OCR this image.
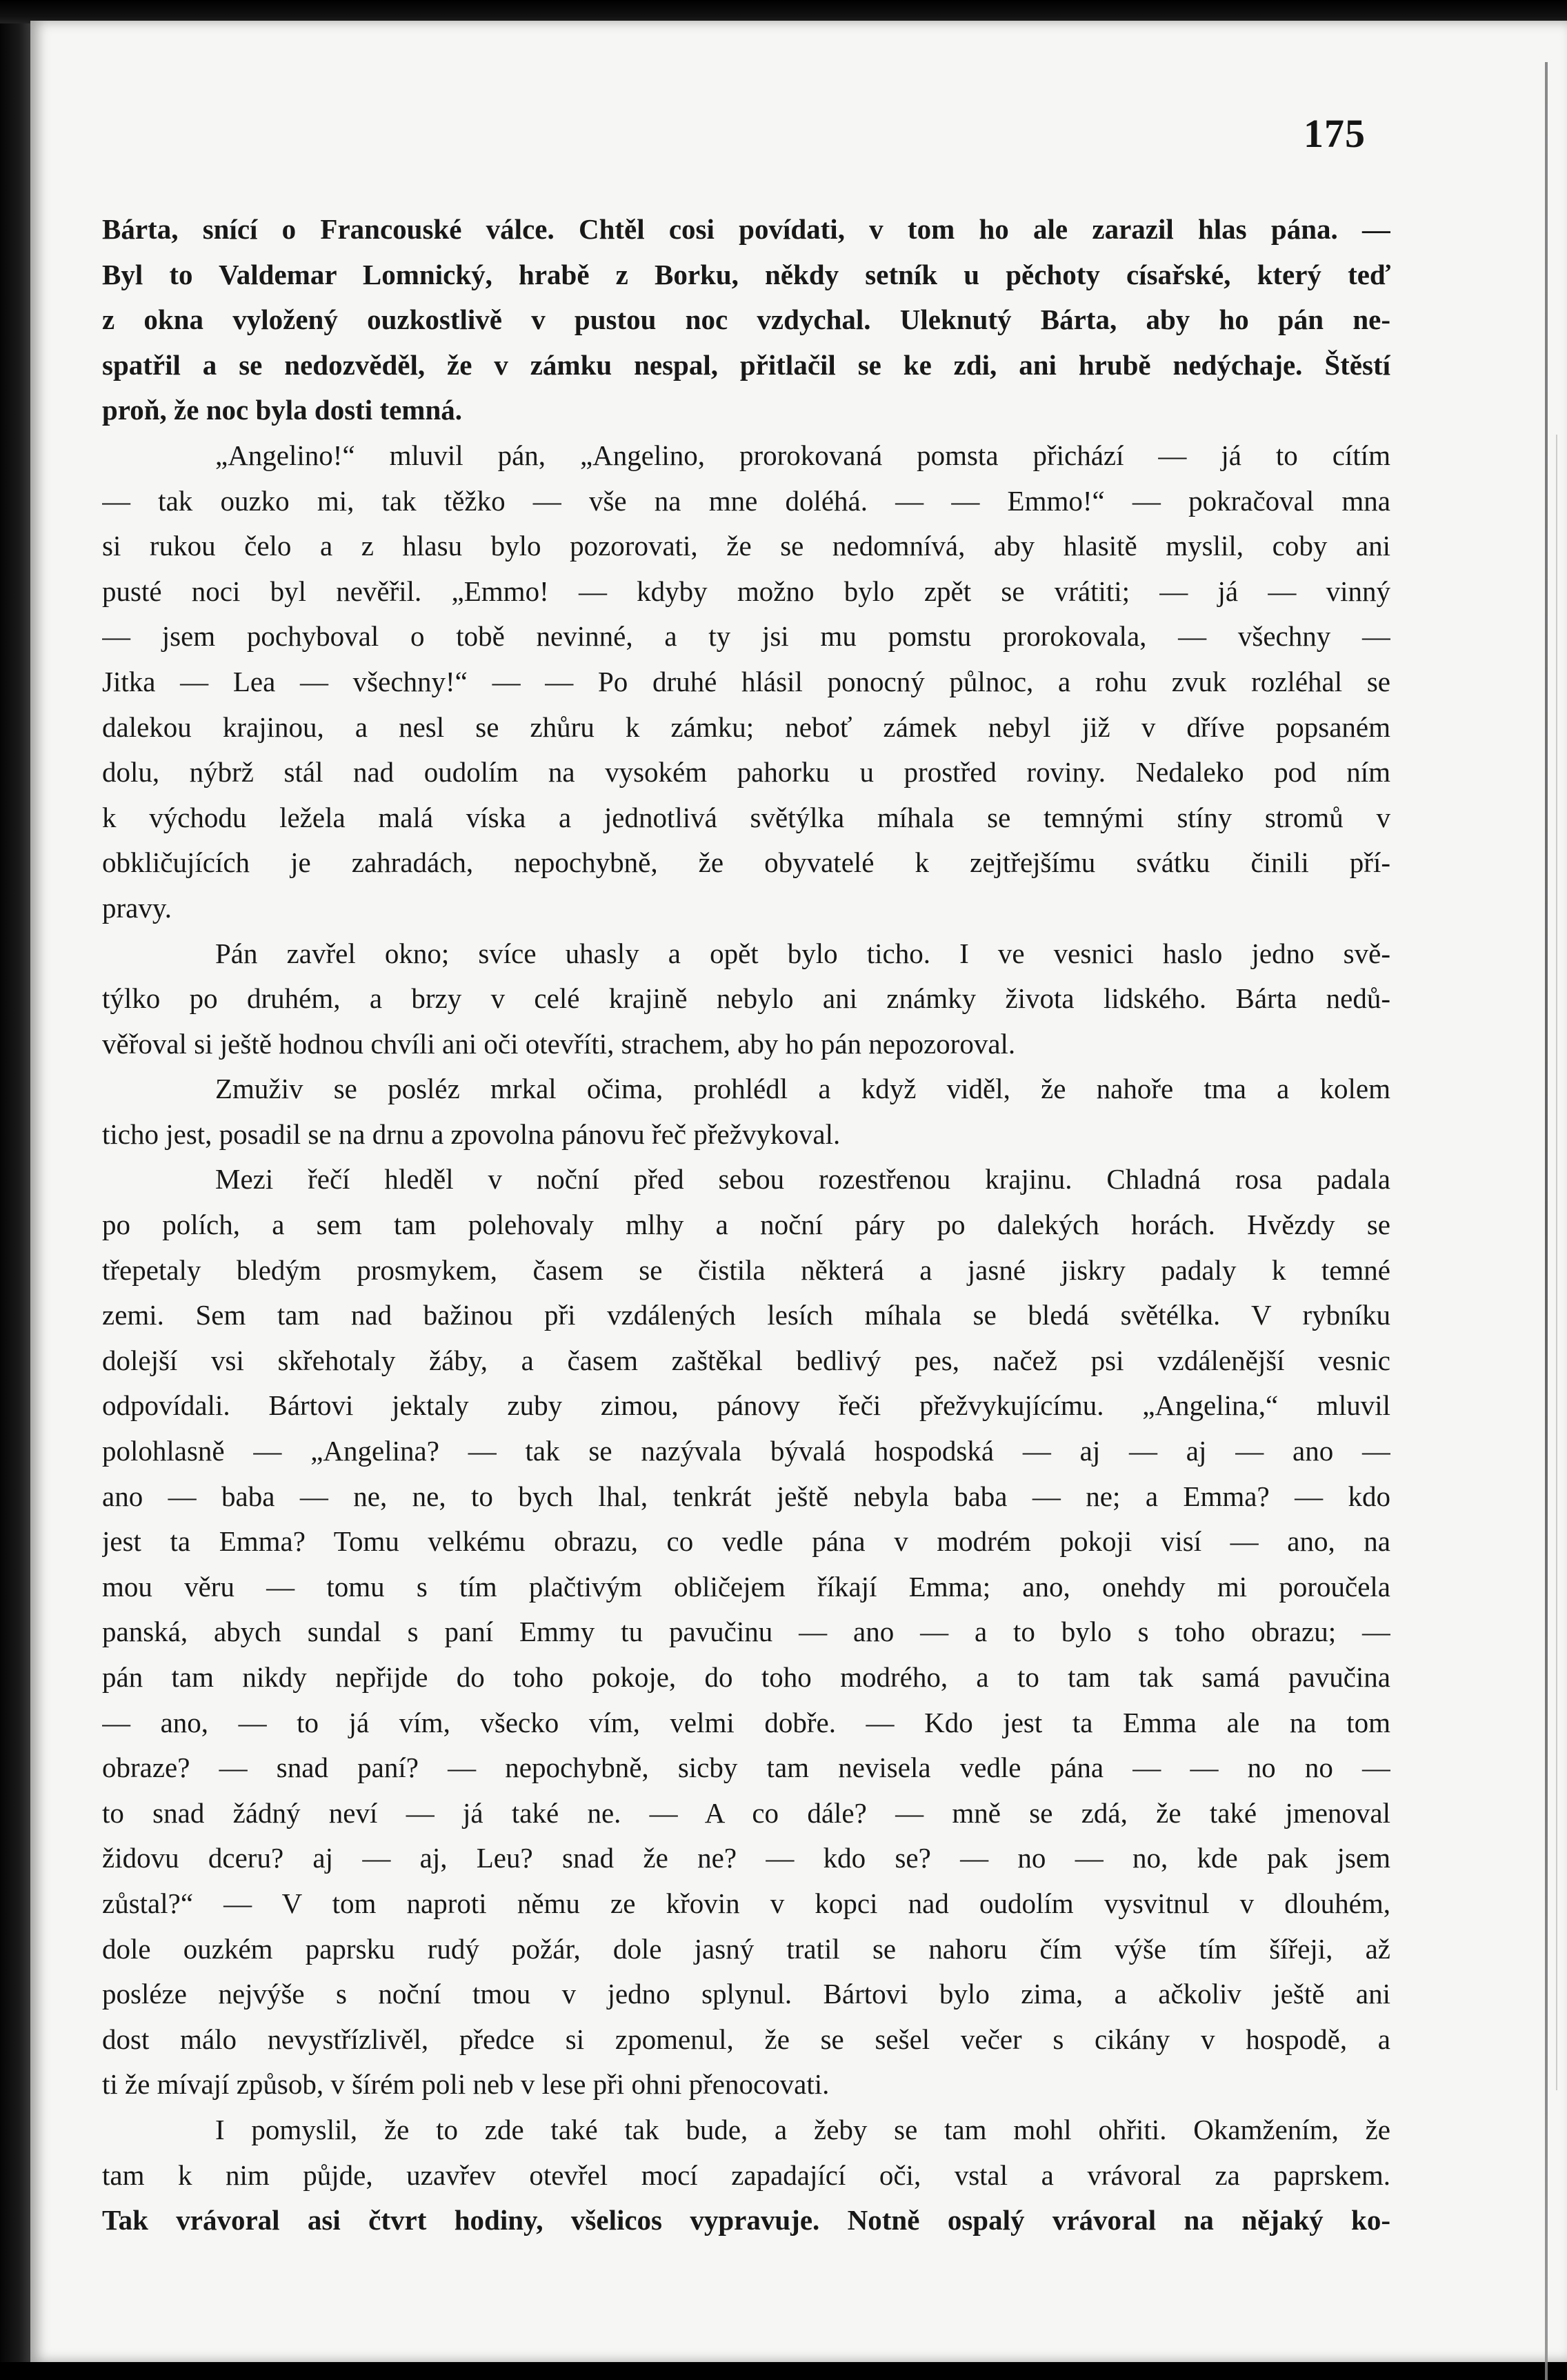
175
Bárta, snící o Francouské válce. Chtěl cosi povídati, v tom ho ale zarazil hlas pána. —
Byl to Valdemar Lomnický, hrabě z Borku, někdy setník u pěchoty císařské, který teď
z okna vyložený ouzkostlivě v pustou noc vzdychal. Uleknutý Bárta, aby ho pán ne-
spatřil a se nedozvěděl, že v zámku nespal, přitlačil se ke zdi, ani hrubě nedýchaje. Štěstí
proň, že noc byla dosti temná.
„Angelino!“ mluvil pán, „Angelino, prorokovaná pomsta přichází — já to cítím
— tak ouzko mi, tak těžko — vše na mne doléhá. — — Emmo!“ — pokračoval mna
si rukou čelo a z hlasu bylo pozorovati, že se nedomnívá, aby hlasitě myslil, coby ani
pusté noci byl nevěřil. „Emmo! — kdyby možno bylo zpět se vrátiti; — já — vinný
— jsem pochyboval o tobě nevinné, a ty jsi mu pomstu prorokovala, — všechny —
Jitka — Lea — všechny!“ — — Po druhé hlásil ponocný půlnoc, a rohu zvuk rozléhal se
dalekou krajinou, a nesl se zhůru k zámku; neboť zámek nebyl již v dříve popsaném
dolu, nýbrž stál nad oudolím na vysokém pahorku u prostřed roviny. Nedaleko pod ním
k východu ležela malá víska a jednotlivá světýlka míhala se temnými stíny stromů v
obkličujících je zahradách, nepochybně, že obyvatelé k zejtřejšímu svátku činili pří-
pravy.
Pán zavřel okno; svíce uhasly a opět bylo ticho. I ve vesnici haslo jedno svě-
týlko po druhém, a brzy v celé krajině nebylo ani známky života lidského. Bárta nedů-
věřoval si ještě hodnou chvíli ani oči otevříti, strachem, aby ho pán nepozoroval.
Zmuživ se posléz mrkal očima, prohlédl a když viděl, že nahoře tma a kolem
ticho jest, posadil se na drnu a zpovolna pánovu řeč přežvykoval.
Mezi řečí hleděl v noční před sebou rozestřenou krajinu. Chladná rosa padala
po polích, a sem tam polehovaly mlhy a noční páry po dalekých horách. Hvězdy se
třepetaly bledým prosmykem, časem se čistila některá a jasné jiskry padaly k temné
zemi. Sem tam nad bažinou při vzdálených lesích míhala se bledá světélka. V rybníku
dolejší vsi skřehotaly žáby, a časem zaštěkal bedlivý pes, načež psi vzdálenější vesnic
odpovídali. Bártovi jektaly zuby zimou, pánovy řeči přežvykujícímu. „Angelina,“ mluvil
polohlasně — „Angelina? — tak se nazývala bývalá hospodská — aj — aj — ano —
ano — baba — ne, ne, to bych lhal, tenkrát ještě nebyla baba — ne; a Emma? — kdo
jest ta Emma? Tomu velkému obrazu, co vedle pána v modrém pokoji visí — ano, na
mou věru — tomu s tím plačtivým obličejem říkají Emma; ano, onehdy mi poroučela
panská, abych sundal s paní Emmy tu pavučinu — ano — a to bylo s toho obrazu; —
pán tam nikdy nepřijde do toho pokoje, do toho modrého, a to tam tak samá pavučina
— ano, — to já vím, všecko vím, velmi dobře. — Kdo jest ta Emma ale na tom
obraze? — snad paní? — nepochybně, sicby tam nevisela vedle pána — — no no —
to snad žádný neví — já také ne. — A co dále? — mně se zdá, že také jmenoval
židovu dceru? aj — aj, Leu? snad že ne? — kdo se? — no — no, kde pak jsem
zůstal?“ — V tom naproti němu ze křovin v kopci nad oudolím vysvitnul v dlouhém,
dole ouzkém paprsku rudý požár, dole jasný tratil se nahoru čím výše tím šířeji, až
posléze nejvýše s noční tmou v jedno splynul. Bártovi bylo zima, a ačkoliv ještě ani
dost málo nevystřízlivěl, předce si zpomenul, že se sešel večer s cikány v hospodě, a
ti že mívají způsob, v šírém poli neb v lese při ohni přenocovati.
I pomyslil, že to zde také tak bude, a žeby se tam mohl ohřiti. Okamžením, že
tam k nim půjde, uzavřev otevřel mocí zapadající oči, vstal a vrávoral za paprskem.
Tak vrávoral asi čtvrt hodiny, všelicos vypravuje. Notně ospalý vrávoral na nějaký ko-
